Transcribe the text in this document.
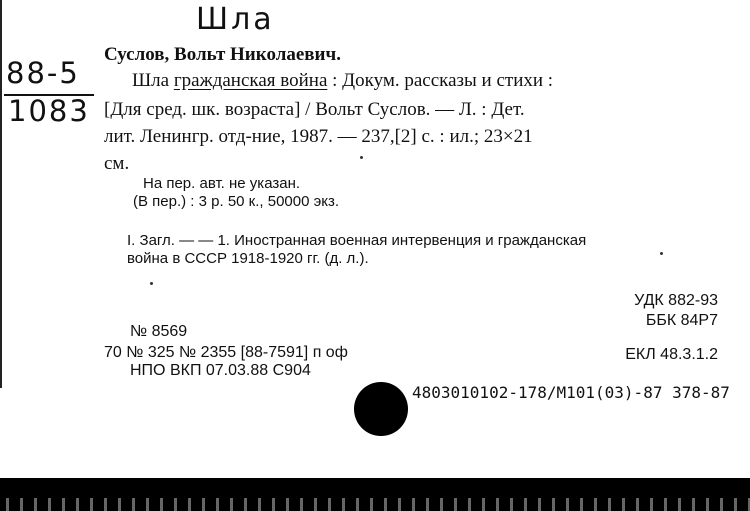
Шла
88-5
1083
Суслов, Вольт Николаевич.
Шла гражданская война : Докум. рассказы и стихи :
[Для сред. шк. возраста] / Вольт Суслов. — Л. : Дет.
лит. Ленингр. отд-ние, 1987. — 237,[2] с. : ил.; 23×21
см.
На пер. авт. не указан.
(В пер.) : 3 р. 50 к., 50000 экз.
I. Загл. — — 1. Иностранная военная интервенция и гражданская
война в СССР 1918-1920 гг. (д. л.).
УДК 882-93
ББК 84Р7
№ 8569
70 № 325 № 2355 [88-7591] п оф	ЕКЛ 48.3.1.2
НПО ВКП 07.03.88 С904
4803010102-178/М101(03)-87 378-87
